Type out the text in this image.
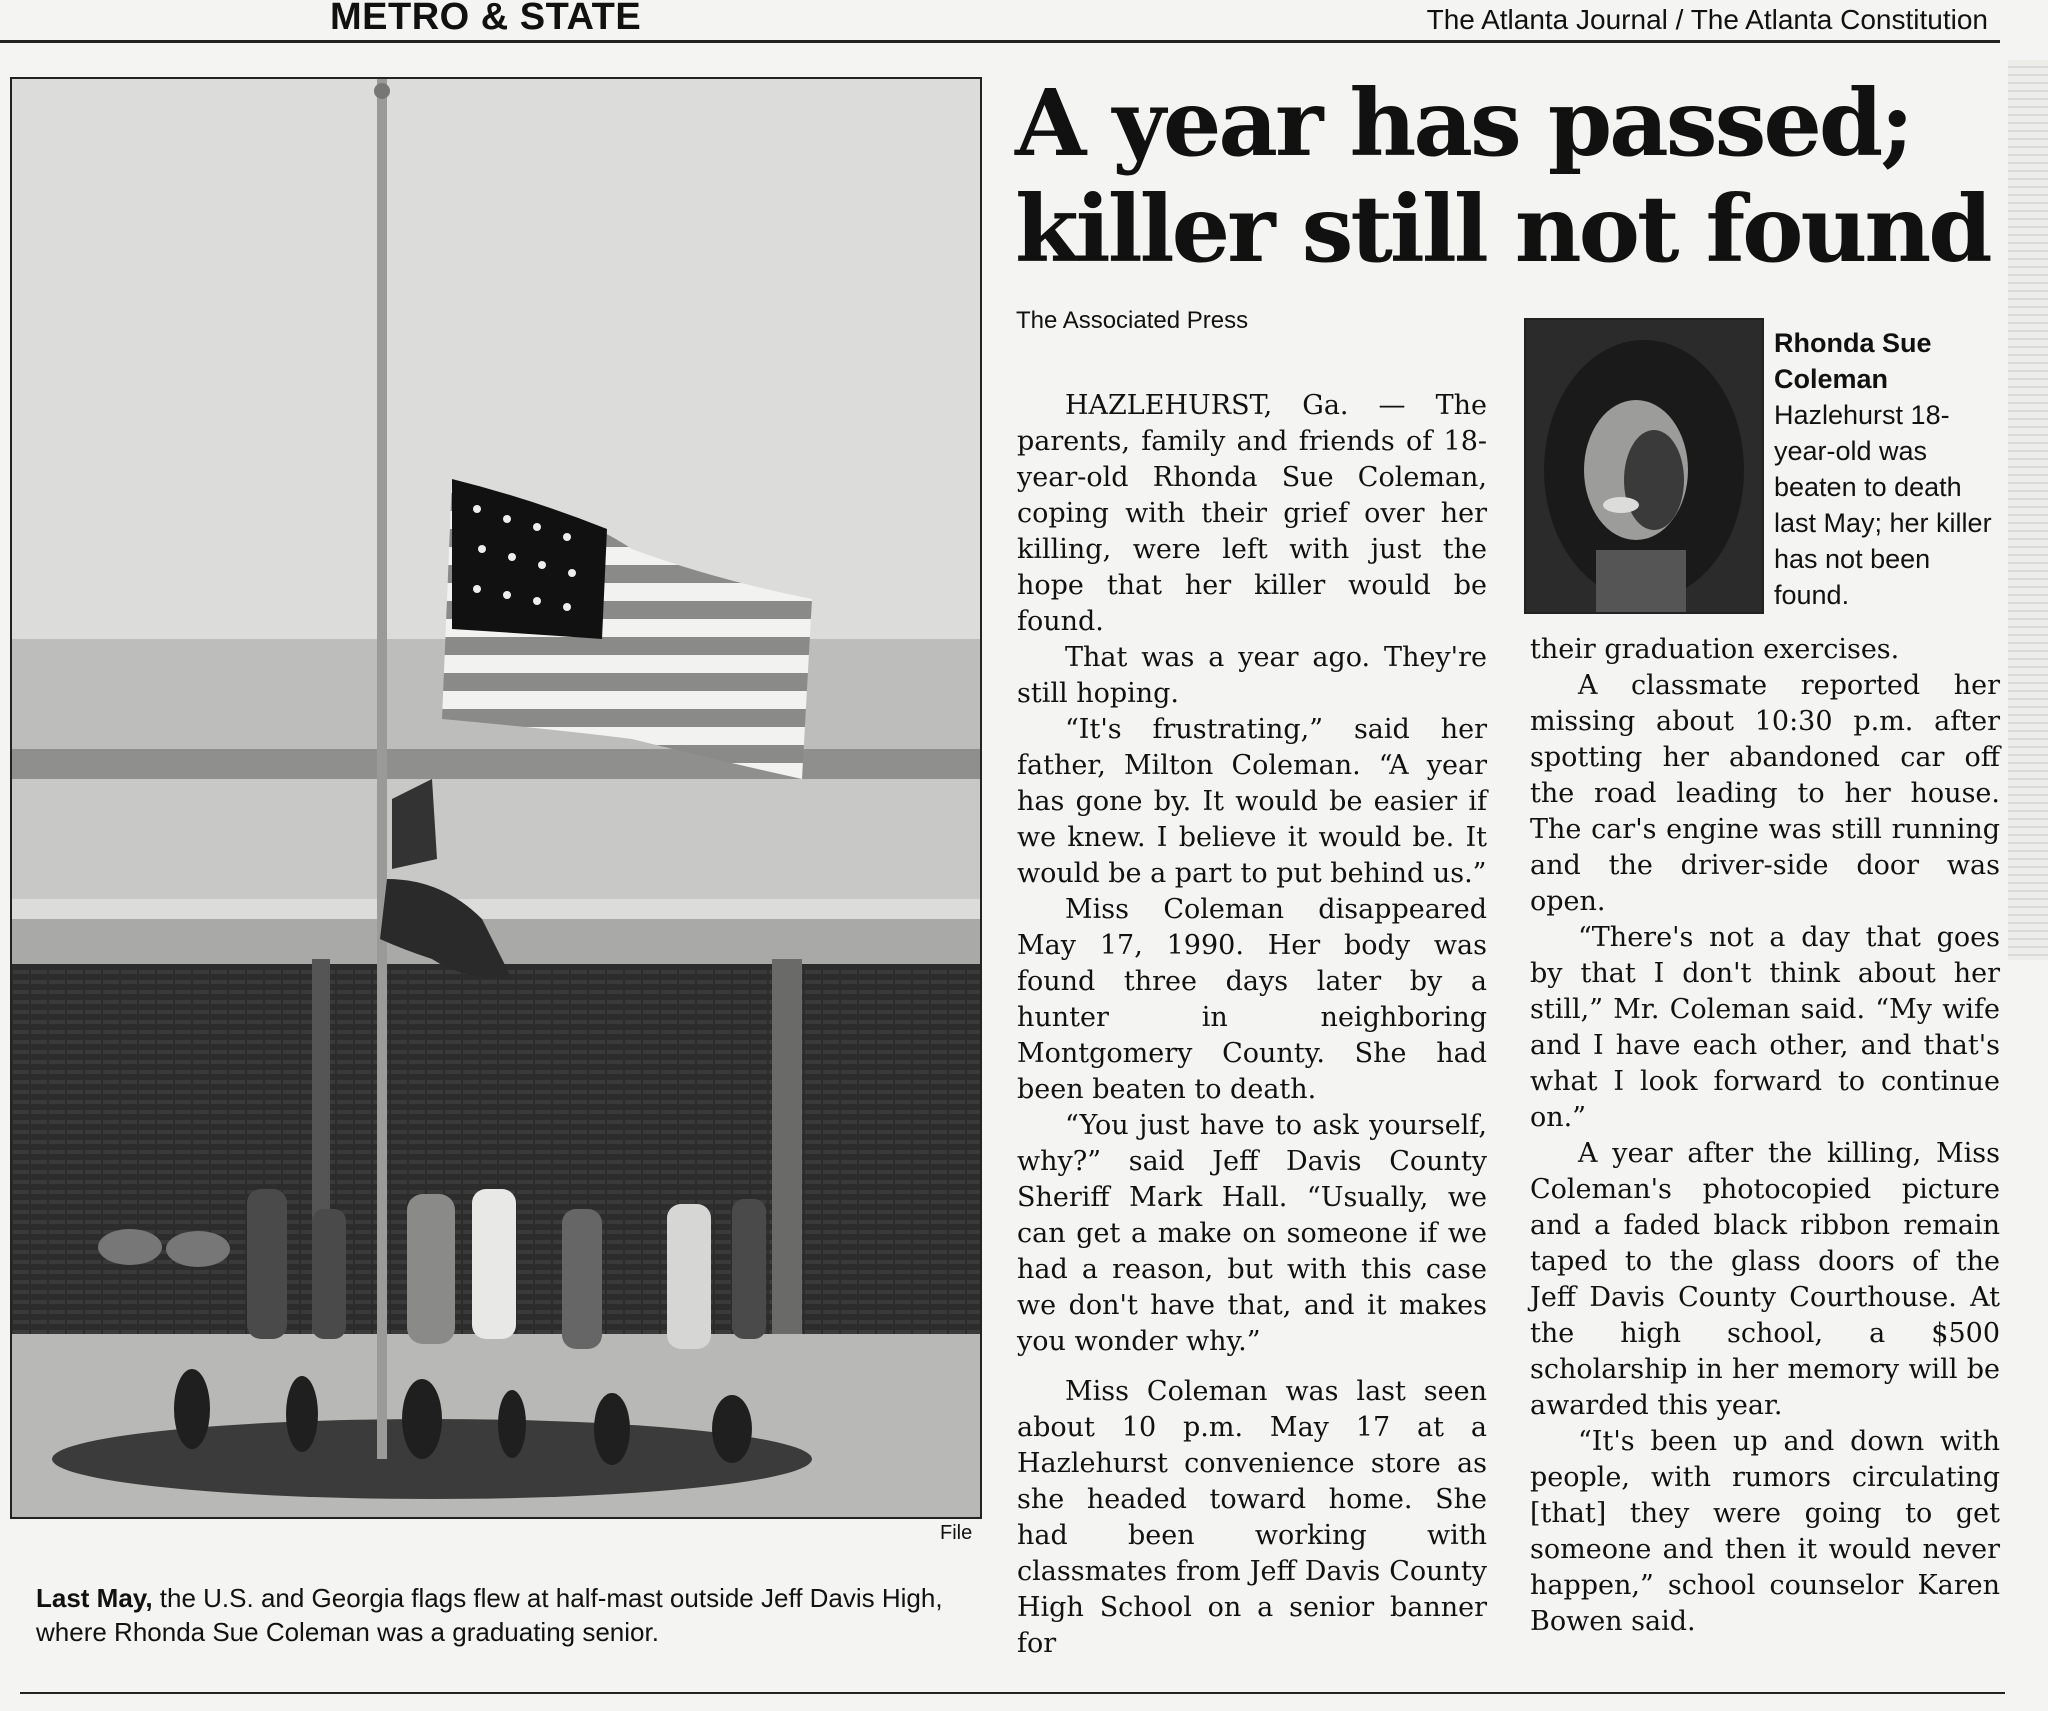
METRO & STATE	The Atlanta Journal / The Atlanta Constitution
File
Last May, the U.S. and Georgia flags flew at half-mast outside Jeff Davis High, where Rhonda Sue Coleman was a graduating senior.
A year has passed;
killer still not found
The Associated Press

HAZLEHURST, Ga. — The parents, family and friends of 18-year-old Rhonda Sue Coleman, coping with their grief over her killing, were left with just the hope that her killer would be found.

That was a year ago. They're still hoping.

“It's frustrating,” said her father, Milton Coleman. “A year has gone by. It would be easier if we knew. I believe it would be. It would be a part to put behind us.”

Miss Coleman disappeared May 17, 1990. Her body was found three days later by a hunter in neighboring Montgomery County. She had been beaten to death.

“You just have to ask yourself, why?” said Jeff Davis County Sheriff Mark Hall. “Usually, we can get a make on someone if we had a reason, but with this case we don't have that, and it makes you wonder why.”

Miss Coleman was last seen about 10 p.m. May 17 at a Hazlehurst convenience store as she headed toward home. She had been working with classmates from Jeff Davis County High School on a senior banner for

Rhonda Sue Coleman
Hazlehurst 18-year-old was beaten to death last May; her killer has not been found.

their graduation exercises.

A classmate reported her missing about 10:30 p.m. after spotting her abandoned car off the road leading to her house. The car's engine was still running and the driver-side door was open.

“There's not a day that goes by that I don't think about her still,” Mr. Coleman said. “My wife and I have each other, and that's what I look forward to continue on.”

A year after the killing, Miss Coleman's photocopied picture and a faded black ribbon remain taped to the glass doors of the Jeff Davis County Courthouse. At the high school, a $500 scholarship in her memory will be awarded this year.

“It's been up and down with people, with rumors circulating [that] they were going to get someone and then it would never happen,” school counselor Karen Bowen said.
